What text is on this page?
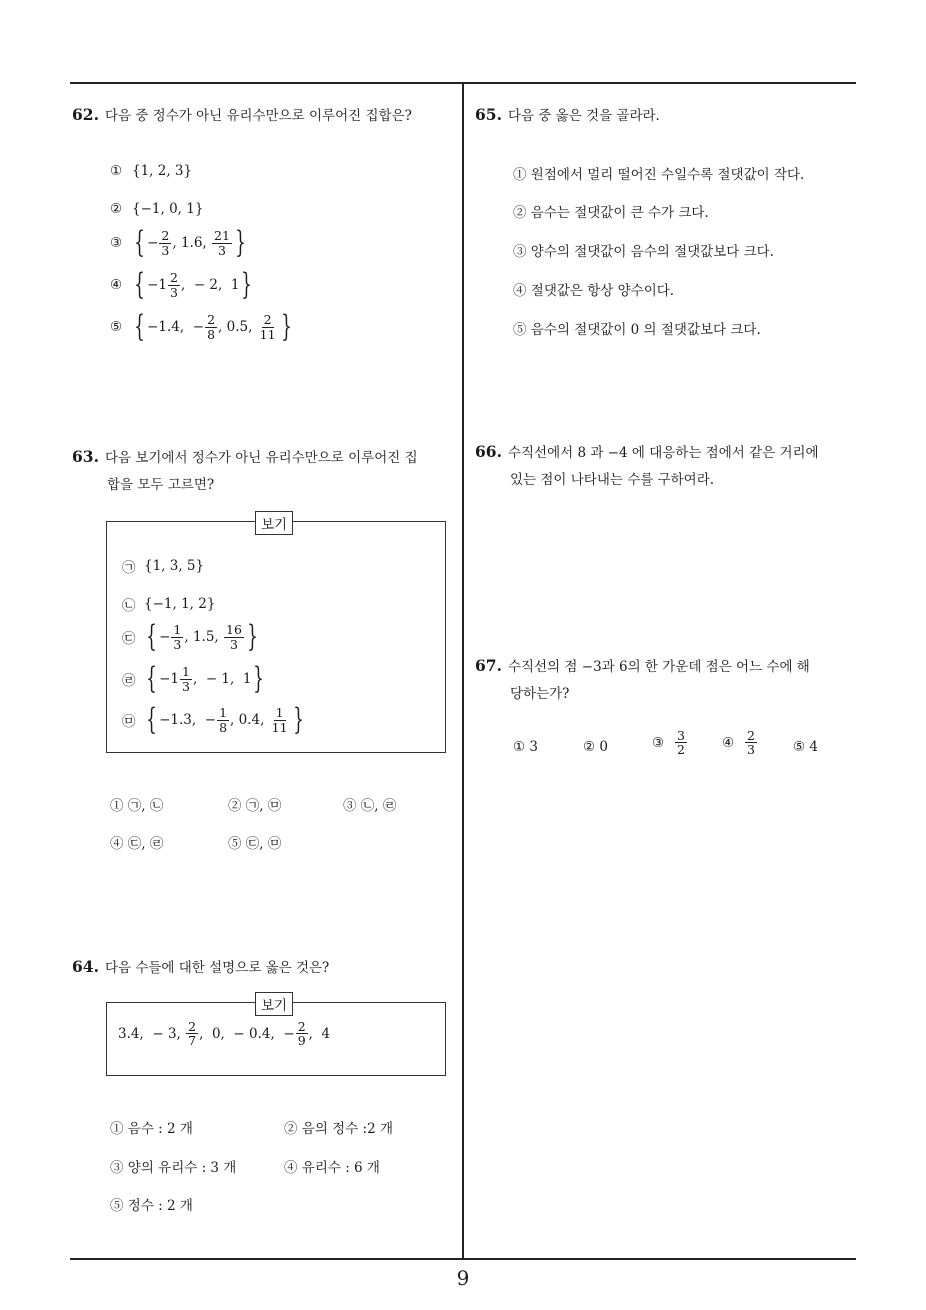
62. 다음 중 정수가 아닌 유리수만으로 이루어진 집합은?
① {1, 2, 3}
② {−1, 0, 1}
③ { − $\frac{2}{3}$ , 1.6,
$\frac{21}{3}$ }
④ { $-1 \frac{2}{3}$ ,  − 2,  1 }
⑤ { −1.4,  − $\frac{2}{8}$ , 0.5,
$\frac{2}{11}$ }
63. 다음 보기에서 정수가 아닌 유리수만으로 이루어진 집
합을 모두 고르면?
보기
㉠ {1, 3, 5}
㉡ {−1, 1, 2}
㉢ { − $\frac{1}{3}$ , 1.5,
$\frac{16}{3}$ }
㉣ { $-1 \frac{1}{3}$ ,  − 1,  1 }
㉤ { −1.3,  − $\frac{1}{8}$ , 0.4,
$\frac{1}{11}$ }
① ㉠, ㉡	② ㉠, ㉤	③ ㉡, ㉣
④ ㉢, ㉣	⑤ ㉢, ㉤
64. 다음 수들에 대한 설명으로 옳은 것은?
보기
3.4,  − 3,
$\frac{2}{7}$ ,  0,  − 0.4,  − $\frac{2}{9}$ ,  4
① 음수 : 2 개	② 음의 정수 :2 개
③ 양의 유리수 : 3 개	④ 유리수 : 6 개
⑤ 정수 : 2 개
65. 다음 중 옳은 것을 골라라.
① 원점에서 멀리 떨어진 수일수록 절댓값이 작다.
② 음수는 절댓값이 큰 수가 크다.
③ 양수의 절댓값이 음수의 절댓값보다 크다.
④ 절댓값은 항상 양수이다.
⑤ 음수의 절댓값이 0 의 절댓값보다 크다.
66. 수직선에서 8 과 −4 에 대응하는 점에서 같은 거리에
있는 점이 나타내는 수를 구하여라.
67. 수직선의 점 −3과 6의 한 가운데 점은 어느 수에 해
당하는가?
① 3	② 0	③ $\frac{3}{2}$	④ $\frac{2}{3}$	⑤ 4
9
